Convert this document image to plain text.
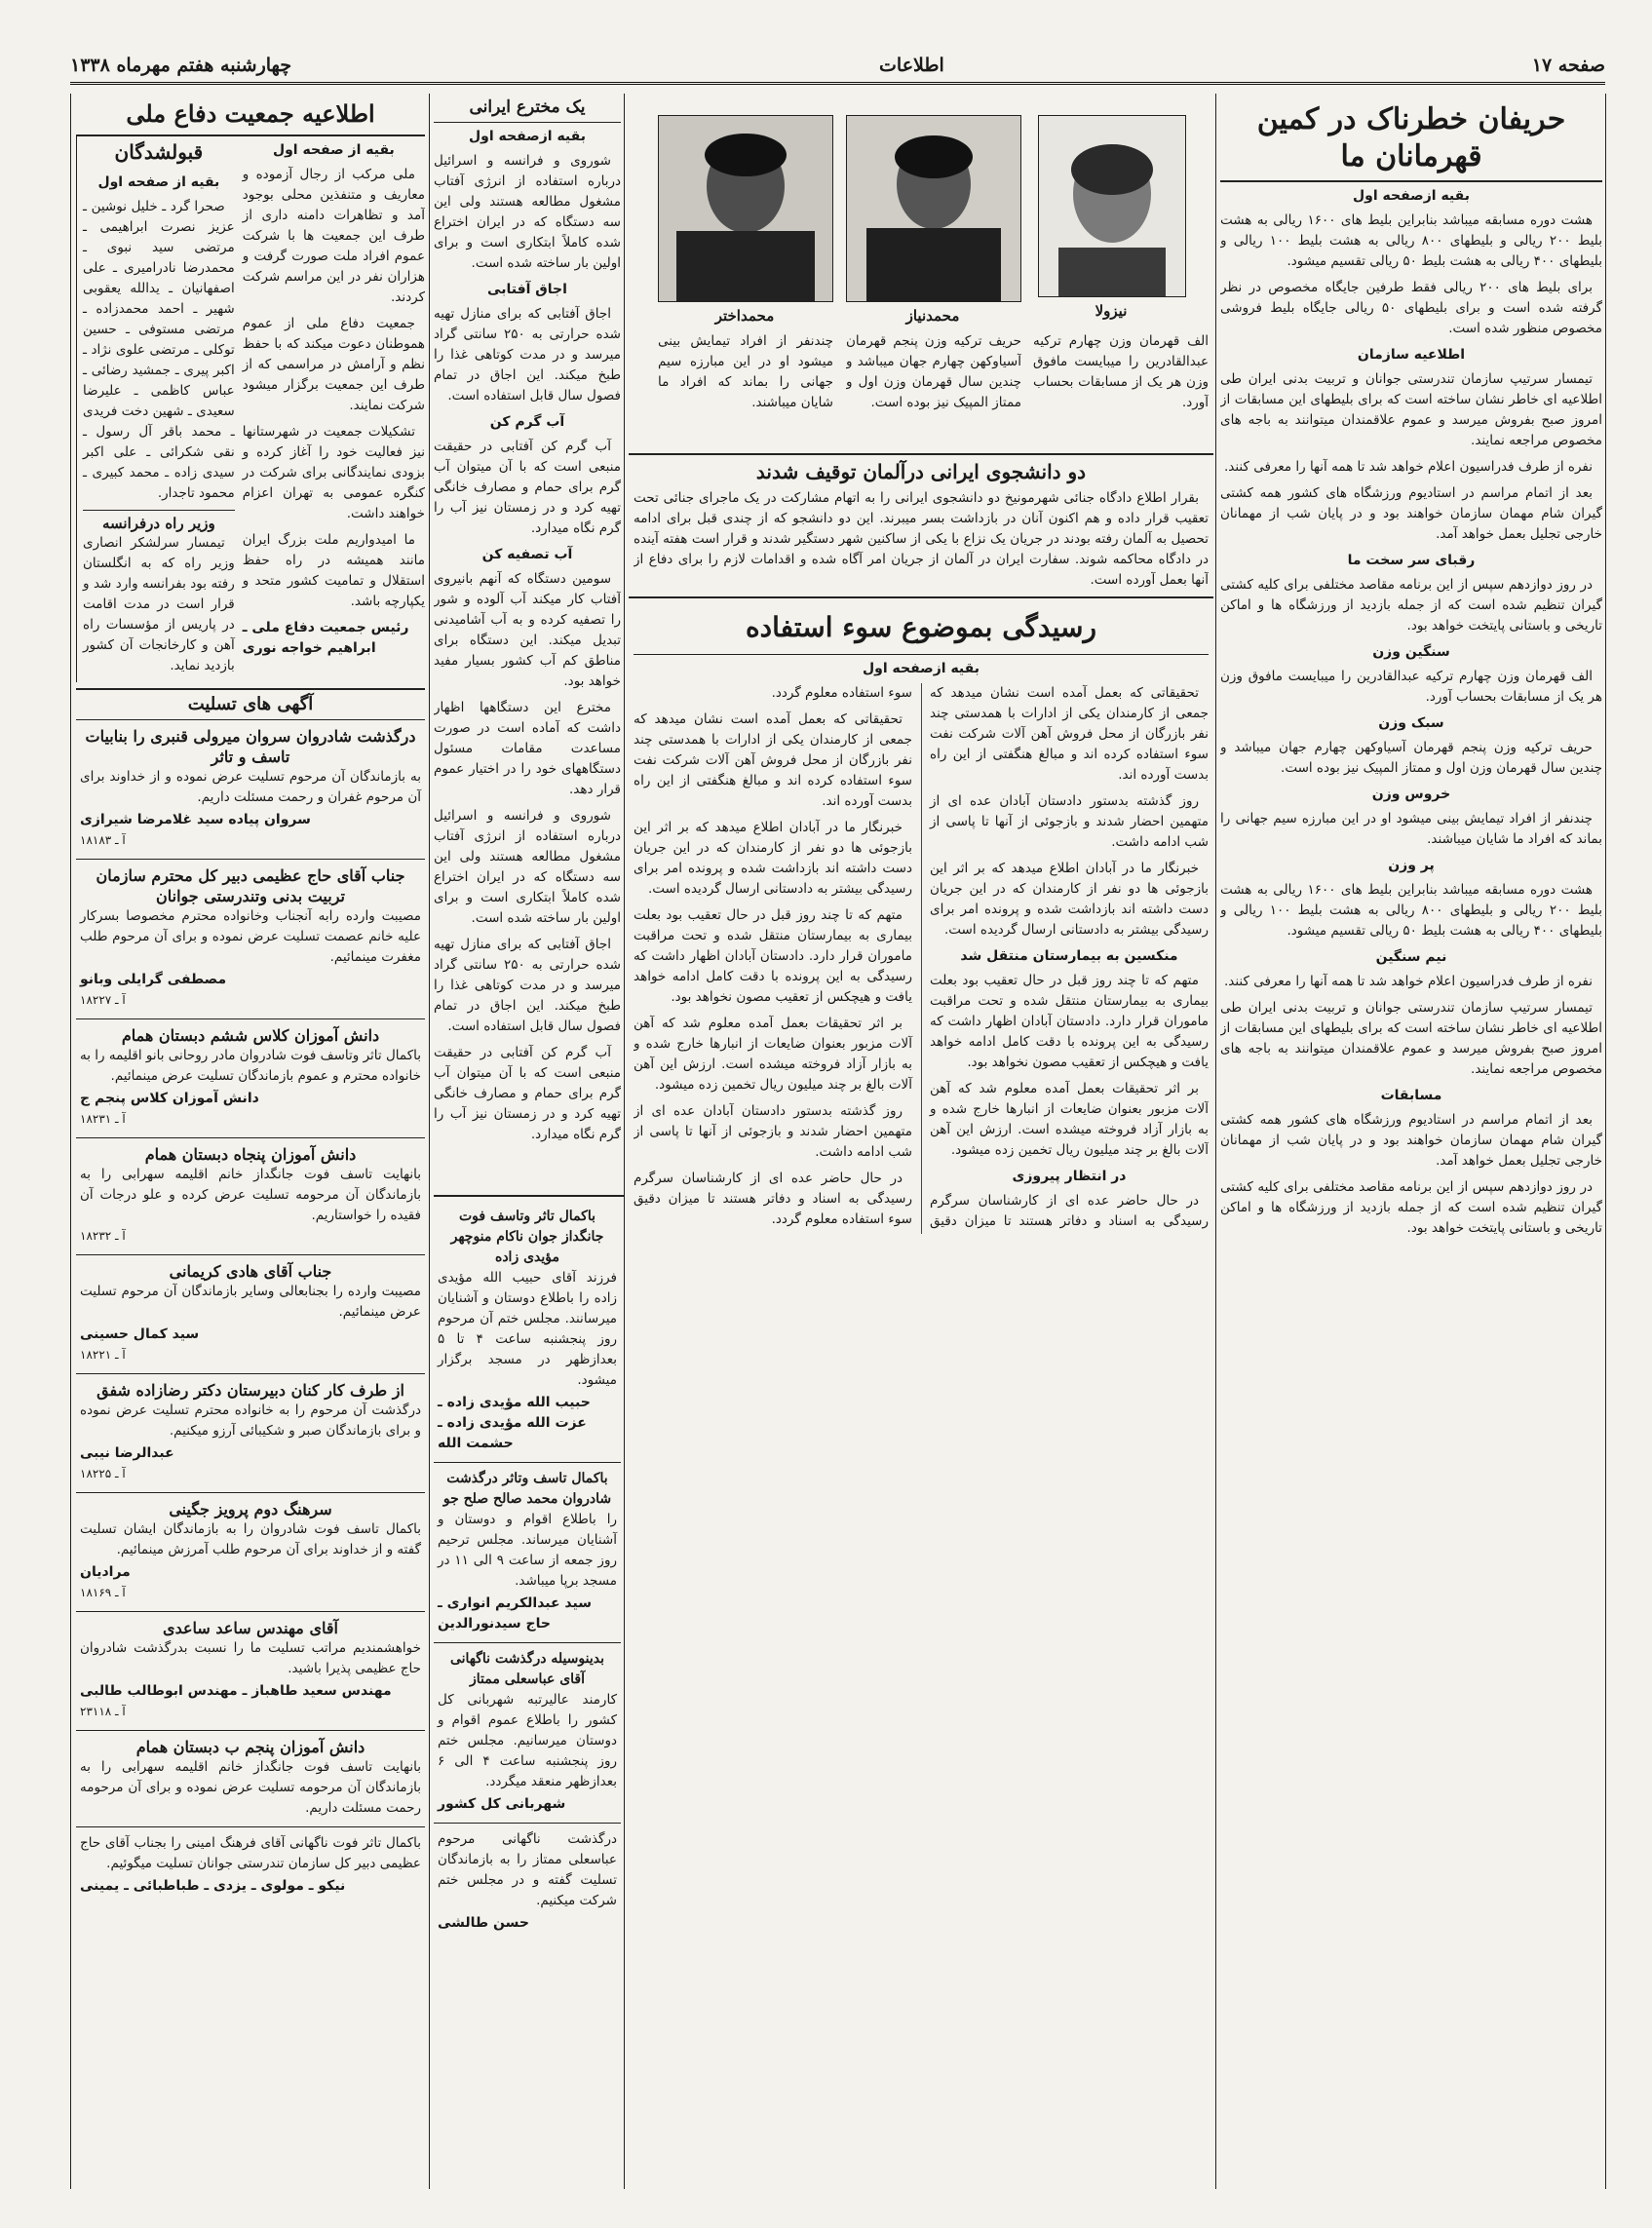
صفحه ۱۷
اطلاعات
چهارشنبه هفتم مهرماه ۱۳۳۸
حریفان خطرناک در کمین قهرمانان ما
بقیه ازصفحه اول

هشت دوره مسابقه میباشد بنابراین بلیط های ۱۶۰۰ ریالی به هشت بلیط ۲۰۰ ریالی و بلیطهای ۸۰۰ ریالی به هشت بلیط ۱۰۰ ریالی و بلیطهای ۴۰۰ ریالی به هشت بلیط ۵۰ ریالی تقسیم میشود.

برای بلیط های ۲۰۰ ریالی فقط طرفین جایگاه مخصوص در نظر گرفته شده است و برای بلیطهای ۵۰ ریالی جایگاه بلیط فروشی مخصوص منظور شده است.

اطلاعیه سازمان

تیمسار سرتیپ سازمان تندرستی جوانان و تربیت بدنی ایران طی اطلاعیه ای خاطر نشان ساخته است که برای بلیطهای این مسابقات از امروز صبح بفروش میرسد و عموم علاقمندان میتوانند به باجه های مخصوص مراجعه نمایند.

نفره از طرف فدراسیون اعلام خواهد شد تا همه آنها را معرفی کنند.

بعد از اتمام مراسم در استادیوم ورزشگاه های کشور همه کشتی گیران شام مهمان سازمان خواهند بود و در پایان شب از مهمانان خارجی تجلیل بعمل خواهد آمد.

رقبای سر سخت ما

در روز دوازدهم سپس از این برنامه مقاصد مختلفی برای کلیه کشتی گیران تنظیم شده است که از جمله بازدید از ورزشگاه ها و اماکن تاریخی و باستانی پایتخت خواهد بود.

سنگین وزن

الف قهرمان وزن چهارم ترکیه عبدالقادرین را میبایست مافوق وزن هر یک از مسابقات بحساب آورد.

سبک وزن

حریف ترکیه وزن پنجم قهرمان آسیاوکهن چهارم جهان میباشد و چندین سال قهرمان وزن اول و ممتاز المپیک نیز بوده است.

خروس وزن

چندنفر از افراد تیمایش بینی میشود او در این مبارزه سیم جهانی را بماند که افراد ما شایان میباشند.

پر وزن

هشت دوره مسابقه میباشد بنابراین بلیط های ۱۶۰۰ ریالی به هشت بلیط ۲۰۰ ریالی و بلیطهای ۸۰۰ ریالی به هشت بلیط ۱۰۰ ریالی و بلیطهای ۴۰۰ ریالی به هشت بلیط ۵۰ ریالی تقسیم میشود.

نیم سنگین

نفره از طرف فدراسیون اعلام خواهد شد تا همه آنها را معرفی کنند.

تیمسار سرتیپ سازمان تندرستی جوانان و تربیت بدنی ایران طی اطلاعیه ای خاطر نشان ساخته است که برای بلیطهای این مسابقات از امروز صبح بفروش میرسد و عموم علاقمندان میتوانند به باجه های مخصوص مراجعه نمایند.

مسابقات

بعد از اتمام مراسم در استادیوم ورزشگاه های کشور همه کشتی گیران شام مهمان سازمان خواهند بود و در پایان شب از مهمانان خارجی تجلیل بعمل خواهد آمد.

در روز دوازدهم سپس از این برنامه مقاصد مختلفی برای کلیه کشتی گیران تنظیم شده است که از جمله بازدید از ورزشگاه ها و اماکن تاریخی و باستانی پایتخت خواهد بود.

نیزولا
محمدنیاز
محمداختر
الف قهرمان وزن چهارم ترکیه عبدالقادرین را میبایست مافوق وزن هر یک از مسابقات بحساب آورد.
حریف ترکیه وزن پنجم قهرمان آسیاوکهن چهارم جهان میباشد و چندین سال قهرمان وزن اول و ممتاز المپیک نیز بوده است.
چندنفر از افراد تیمایش بینی میشود او در این مبارزه سیم جهانی را بماند که افراد ما شایان میباشند.
دو دانشجوی ایرانی درآلمان توقیف شدند

بقرار اطلاع دادگاه جنائی شهرمونیخ دو دانشجوی ایرانی را به اتهام مشارکت در یک ماجرای جنائی تحت تعقیب قرار داده و هم اکنون آنان در بازداشت بسر میبرند. این دو دانشجو که از چندی قبل برای ادامه تحصیل به آلمان رفته بودند در جریان یک نزاع با یکی از ساکنین شهر دستگیر شدند و قرار است هفته آینده در دادگاه محاکمه شوند. سفارت ایران در آلمان از جریان امر آگاه شده و اقدامات لازم را برای دفاع از آنها بعمل آورده است.

رسیدگی بموضوع سوء استفاده
بقیه ازصفحه اول

تحقیقاتی که بعمل آمده است نشان میدهد که جمعی از کارمندان یکی از ادارات با همدستی چند نفر بازرگان از محل فروش آهن آلات شرکت نفت سوء استفاده کرده اند و مبالغ هنگفتی از این راه بدست آورده اند.

روز گذشته بدستور دادستان آبادان عده ای از متهمین احضار شدند و بازجوئی از آنها تا پاسی از شب ادامه داشت.

خبرنگار ما در آبادان اطلاع میدهد که بر اثر این بازجوئی ها دو نفر از کارمندان که در این جریان دست داشته اند بازداشت شده و پرونده امر برای رسیدگی بیشتر به دادستانی ارسال گردیده است.

منکسین به بیمارستان منتقل شد

متهم که تا چند روز قبل در حال تعقیب بود بعلت بیماری به بیمارستان منتقل شده و تحت مراقبت ماموران قرار دارد. دادستان آبادان اظهار داشت که رسیدگی به این پرونده با دقت کامل ادامه خواهد یافت و هیچکس از تعقیب مصون نخواهد بود.

بر اثر تحقیقات بعمل آمده معلوم شد که آهن آلات مزبور بعنوان ضایعات از انبارها خارج شده و به بازار آزاد فروخته میشده است. ارزش این آهن آلات بالغ بر چند میلیون ریال تخمین زده میشود.

در انتظار پیروزی

در حال حاضر عده ای از کارشناسان سرگرم رسیدگی به اسناد و دفاتر هستند تا میزان دقیق سوء استفاده معلوم گردد.

تحقیقاتی که بعمل آمده است نشان میدهد که جمعی از کارمندان یکی از ادارات با همدستی چند نفر بازرگان از محل فروش آهن آلات شرکت نفت سوء استفاده کرده اند و مبالغ هنگفتی از این راه بدست آورده اند.

خبرنگار ما در آبادان اطلاع میدهد که بر اثر این بازجوئی ها دو نفر از کارمندان که در این جریان دست داشته اند بازداشت شده و پرونده امر برای رسیدگی بیشتر به دادستانی ارسال گردیده است.

متهم که تا چند روز قبل در حال تعقیب بود بعلت بیماری به بیمارستان منتقل شده و تحت مراقبت ماموران قرار دارد. دادستان آبادان اظهار داشت که رسیدگی به این پرونده با دقت کامل ادامه خواهد یافت و هیچکس از تعقیب مصون نخواهد بود.

بر اثر تحقیقات بعمل آمده معلوم شد که آهن آلات مزبور بعنوان ضایعات از انبارها خارج شده و به بازار آزاد فروخته میشده است. ارزش این آهن آلات بالغ بر چند میلیون ریال تخمین زده میشود.

روز گذشته بدستور دادستان آبادان عده ای از متهمین احضار شدند و بازجوئی از آنها تا پاسی از شب ادامه داشت.

در حال حاضر عده ای از کارشناسان سرگرم رسیدگی به اسناد و دفاتر هستند تا میزان دقیق سوء استفاده معلوم گردد.

یک مخترع ایرانی
بقیه ازصفحه اول

شوروی و فرانسه و اسرائیل درباره استفاده از انرژی آفتاب مشغول مطالعه هستند ولی این سه دستگاه که در ایران اختراع شده کاملاً ابتکاری است و برای اولین بار ساخته شده است.

اجاق آفتابی

اجاق آفتابی که برای منازل تهیه شده حرارتی به ۲۵۰ سانتی گراد میرسد و در مدت کوتاهی غذا را طبخ میکند. این اجاق در تمام فصول سال قابل استفاده است.

آب گرم کن

آب گرم کن آفتابی در حقیقت منبعی است که با آن میتوان آب گرم برای حمام و مصارف خانگی تهیه کرد و در زمستان نیز آب را گرم نگاه میدارد.

آب تصفیه کن

سومین دستگاه که آنهم بانیروی آفتاب کار میکند آب آلوده و شور را تصفیه کرده و به آب آشامیدنی تبدیل میکند. این دستگاه برای مناطق کم آب کشور بسیار مفید خواهد بود.

مخترع این دستگاهها اظهار داشت که آماده است در صورت مساعدت مقامات مسئول دستگاههای خود را در اختیار عموم قرار دهد.

شوروی و فرانسه و اسرائیل درباره استفاده از انرژی آفتاب مشغول مطالعه هستند ولی این سه دستگاه که در ایران اختراع شده کاملاً ابتکاری است و برای اولین بار ساخته شده است.

اجاق آفتابی که برای منازل تهیه شده حرارتی به ۲۵۰ سانتی گراد میرسد و در مدت کوتاهی غذا را طبخ میکند. این اجاق در تمام فصول سال قابل استفاده است.

آب گرم کن آفتابی در حقیقت منبعی است که با آن میتوان آب گرم برای حمام و مصارف خانگی تهیه کرد و در زمستان نیز آب را گرم نگاه میدارد.

باکمال تاثر وتاسف فوت جانگداز جوان ناکام منوچهر مؤیدی زاده
فرزند آقای حبیب الله مؤیدی زاده را باطلاع دوستان و آشنایان میرسانند. مجلس ختم آن مرحوم روز پنجشنبه ساعت ۴ تا ۵ بعدازظهر در مسجد برگزار میشود.
حبیب الله مؤیدی زاده ـ عزت الله مؤیدی زاده ـ حشمت الله
باکمال تاسف وتاثر درگذشت شادروان محمد صالح صلح جو
را باطلاع اقوام و دوستان و آشنایان میرساند. مجلس ترحیم روز جمعه از ساعت ۹ الی ۱۱ در مسجد برپا میباشد.
سید عبدالکریم انواری ـ حاج سیدنورالدین
بدینوسیله درگذشت ناگهانی آقای عباسعلی ممتاز
کارمند عالیرتبه شهربانی کل کشور را باطلاع عموم اقوام و دوستان میرسانیم. مجلس ختم روز پنجشنبه ساعت ۴ الی ۶ بعدازظهر منعقد میگردد.
شهربانی کل کشور
درگذشت ناگهانی مرحوم عباسعلی ممتاز را به بازماندگان تسلیت گفته و در مجلس ختم شرکت میکنیم.
حسن طالشی
اطلاعیه جمعیت دفاع ملی
بقیه از صفحه اول

ملی مرکب از رجال آزموده و معاریف و متنفذین محلی بوجود آمد و تظاهرات دامنه داری از طرف این جمعیت ها با شرکت عموم افراد ملت صورت گرفت و هزاران نفر در این مراسم شرکت کردند.

جمعیت دفاع ملی از عموم هموطنان دعوت میکند که با حفظ نظم و آرامش در مراسمی که از طرف این جمعیت برگزار میشود شرکت نمایند.

تشکیلات جمعیت در شهرستانها نیز فعالیت خود را آغاز کرده و بزودی نمایندگانی برای شرکت در کنگره عمومی به تهران اعزام خواهند داشت.

ما امیدواریم ملت بزرگ ایران مانند همیشه در راه حفظ استقلال و تمامیت کشور متحد و یکپارچه باشد.

رئیس جمعیت دفاع ملی ـ ابراهیم خواجه نوری
قبولشدگان
بقیه از صفحه اول

صحرا گرد ـ خلیل نوشین ـ عزیز نصرت ابراهیمی ـ مرتضی سید نبوی ـ محمدرضا نادرامیری ـ علی اصفهانیان ـ یدالله یعقوبی شهیر ـ احمد محمدزاده ـ مرتضی مستوفی ـ حسین توکلی ـ مرتضی علوی نژاد ـ اکبر پیری ـ جمشید رضائی ـ عباس کاظمی ـ علیرضا سعیدی ـ شهین دخت فریدی ـ محمد باقر آل رسول ـ نقی شکرائی ـ علی اکبر سیدی زاده ـ محمد کبیری ـ محمود تاجدار.

وزیر راه درفرانسه

تیمسار سرلشکر انصاری وزیر راه که به انگلستان رفته بود بفرانسه وارد شد و قرار است در مدت اقامت در پاریس از مؤسسات راه آهن و کارخانجات آن کشور بازدید نماید.

آگهی های تسلیت
درگذشت شادروان سروان میرولی قنبری را بنابیات تاسف و تاثر
به بازماندگان آن مرحوم تسلیت عرض نموده و از خداوند برای آن مرحوم غفران و رحمت مسئلت داریم.
سروان پیاده سید غلامرضا شیرازی
آ ـ ۱۸۱۸۳
جناب آقای حاج عظیمی دبیر کل محترم سازمان تربیت بدنی وتندرستی جوانان
مصیبت وارده رابه آنجناب وخانواده محترم مخصوصا بسرکار علیه خانم عصمت تسلیت عرض نموده و برای آن مرحوم طلب مغفرت مینمائیم.
مصطفی گرایلی وبانو
آ ـ ۱۸۲۲۷
دانش آموزان کلاس ششم دبستان همام
باکمال تاثر وتاسف فوت شادروان مادر روحانی بانو اقلیمه را به خانواده محترم و عموم بازماندگان تسلیت عرض مینمائیم.
دانش آموزان کلاس پنجم ج
آ ـ ۱۸۲۳۱
دانش آموزان پنجاه دبستان همام
بانهایت تاسف فوت جانگداز خانم اقلیمه سهرابی را به بازماندگان آن مرحومه تسلیت عرض کرده و علو درجات آن فقیده را خواستاریم.
آ ـ ۱۸۲۳۲
جناب آقای هادی کریمانی
مصیبت وارده را بجنابعالی وسایر بازماندگان آن مرحوم تسلیت عرض مینمائیم.
سید کمال حسینی
آ ـ ۱۸۲۲۱
از طرف کار کنان دبیرستان دکتر رضازاده شفق
درگذشت آن مرحوم را به خانواده محترم تسلیت عرض نموده و برای بازماندگان صبر و شکیبائی آرزو میکنیم.
عبدالرضا نیبی
آ ـ ۱۸۲۲۵
سرهنگ دوم پرویز جگینی
باکمال تاسف فوت شادروان را به بازماندگان ایشان تسلیت گفته و از خداوند برای آن مرحوم طلب آمرزش مینمائیم.
مرادیان
آ ـ ۱۸۱۶۹
آقای مهندس ساعد ساعدی
خواهشمندیم مراتب تسلیت ما را نسبت بدرگذشت شادروان حاج عظیمی پذیرا باشید.
مهندس سعید طاهباز ـ مهندس ابوطالب طالبی
آ ـ ۲۳۱۱۸
دانش آموزان پنجم ب دبستان همام
بانهایت تاسف فوت جانگداز خانم اقلیمه سهرابی را به بازماندگان آن مرحومه تسلیت عرض نموده و برای آن مرحومه رحمت مسئلت داریم.
باکمال تاثر فوت ناگهانی آقای فرهنگ امینی را بجناب آقای حاج عظیمی دبیر کل سازمان تندرستی جوانان تسلیت میگوئیم.
نیکو ـ مولوی ـ یزدی ـ طباطبائی ـ یمینی
